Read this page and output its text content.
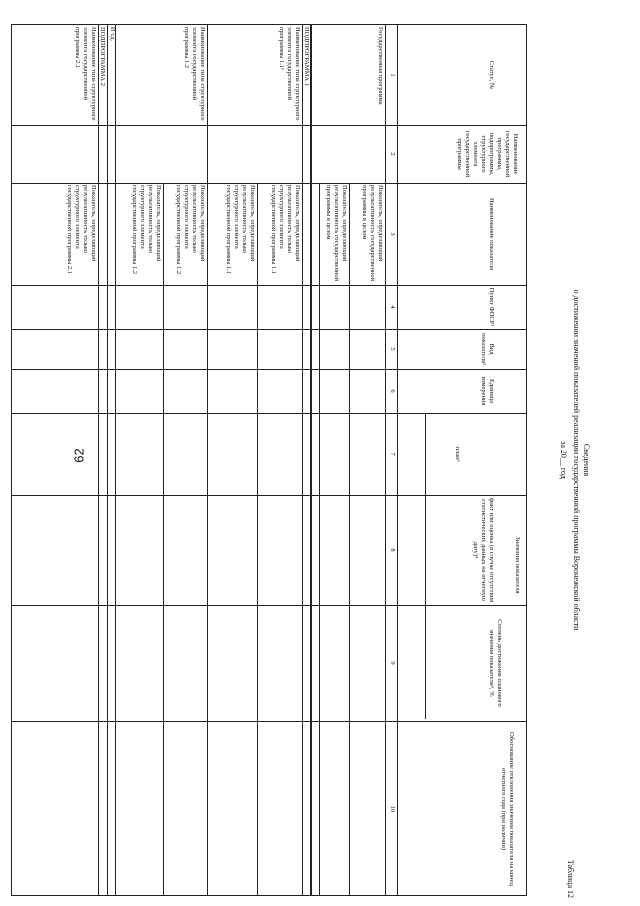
62
Таблица 12
Сведения
о достижении значений показателей реализации государственной программы Воронежской области
за 20__ год
Статус, №
Наименование государственной программы, подпрограммы, структурного элемента государственной программы
Наименование показателя
Пункт ФПСР¹
Вид показателя²
Единица измерения
Значения показателя
план³
факт или оценка (в случае отсутствия статистических данных на отчетную дату)⁴
Степень достижения планового значения показателя⁵, %
Обоснование отклонения значения показателя на конец отчетного года (при наличии)
1
2
3
4
5
6
7
8
9
10
Государственная программа
Показатель, определяющий результативность государственной программы в целом
Показатель, определяющий результативность государственной программы в целом
ПОДПРОГРАММА 1
Наименование типа структурного элемента государственной программы 1.1⁶
Показатель, определяющий результативность только структурного элемента государственной программы 1.1
Показатель, определяющий результативность только структурного элемента государственной программы 1.1
Наименование типа структурного элемента государственной программы 1.2
Показатель, определяющий результативность только структурного элемента государственной программы 1.2
Показатель, определяющий результативность только структурного элемента государственной программы 1.2
И т.д.
ПОДПРОГРАММА 2
Наименование типа структурного элемента государственной программы 2.1
Показатель, определяющий результативность только структурного элемента государственной программы 2.1
